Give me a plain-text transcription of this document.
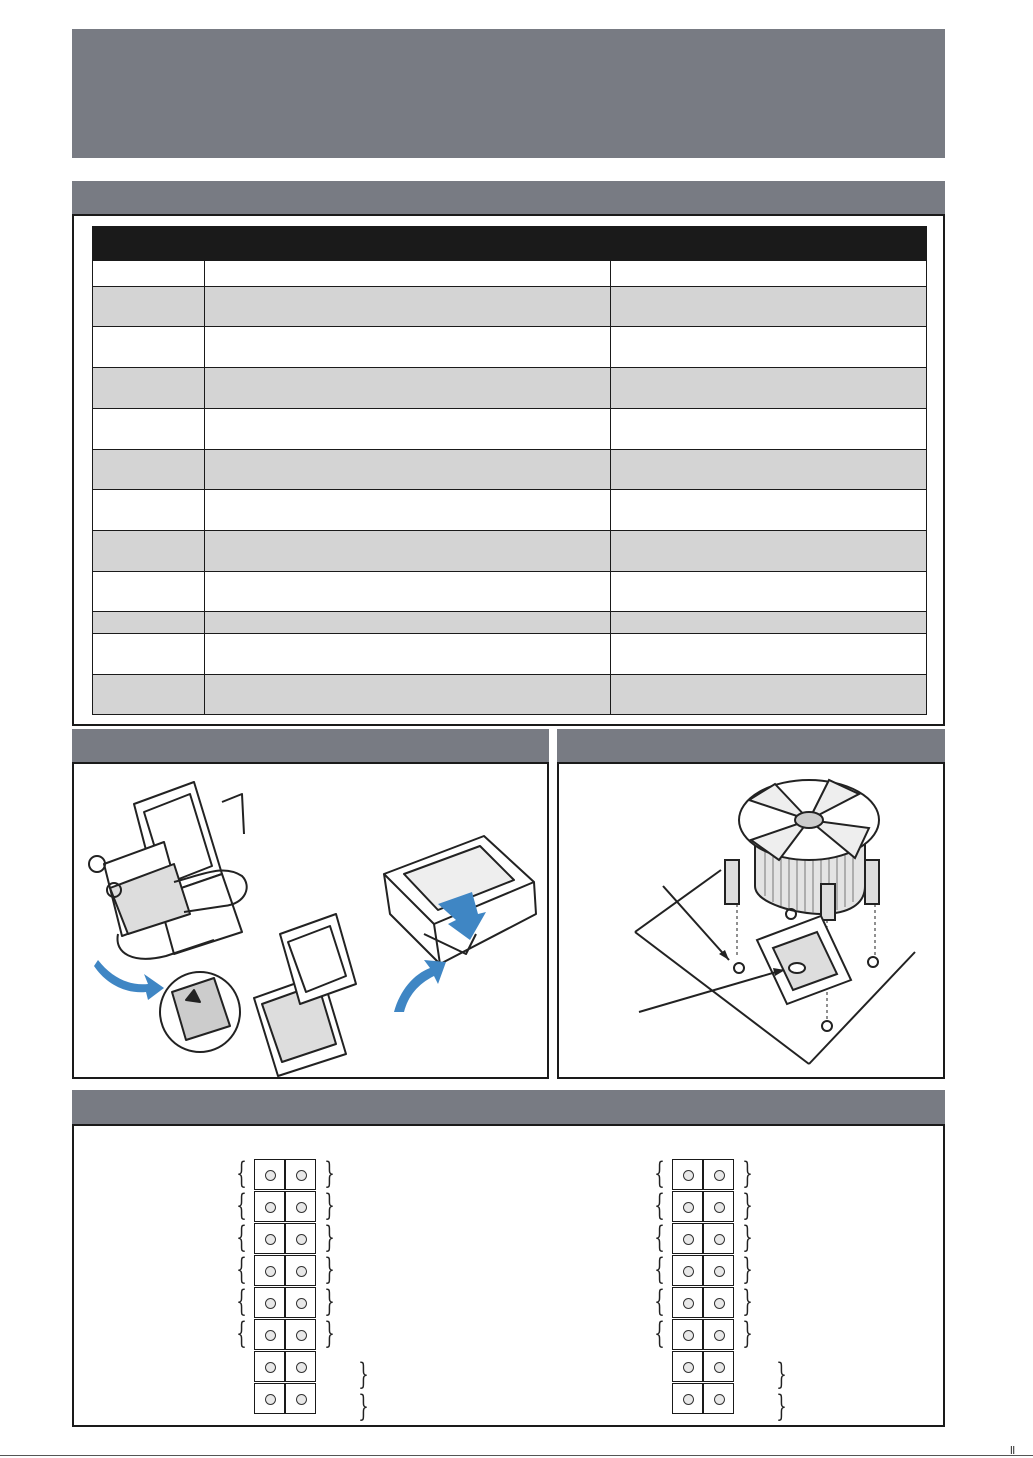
{	}
{	}
{	}
{	}
{	}
{	}
}
}
{	}
{	}
{	}
{	}
{	}
{	}
}
}
ll
